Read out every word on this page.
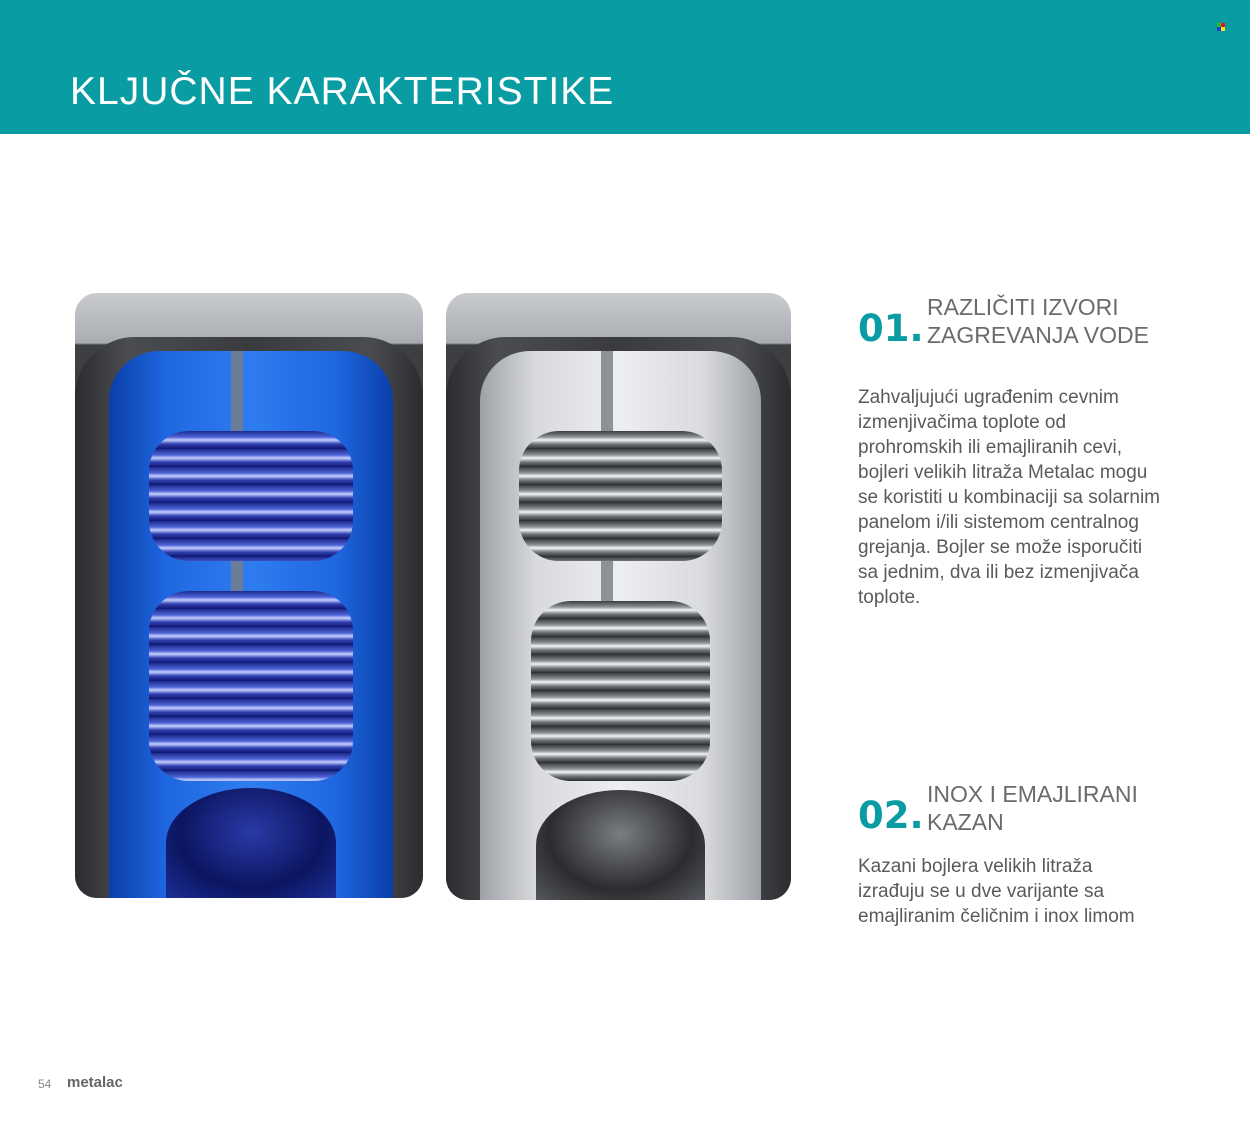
KLJUČNE KARAKTERISTIKE
01. RAZLIČITI IZVORI
ZAGREVANJA VODE
Zahvaljujući ugrađenim cevnim
izmenjivačima toplote od
prohromskih ili emajliranih cevi,
bojleri velikih litraža Metalac mogu
se koristiti u kombinaciji sa solarnim
panelom i/ili sistemom centralnog
grejanja. Bojler se može isporučiti
sa jednim, dva ili bez izmenjivača
toplote.
02. INOX I EMAJLIRANI
KAZAN
Kazani bojlera velikih litraža
izrađuju se u dve varijante sa
emajliranim čeličnim i inox limom
54 metalac
